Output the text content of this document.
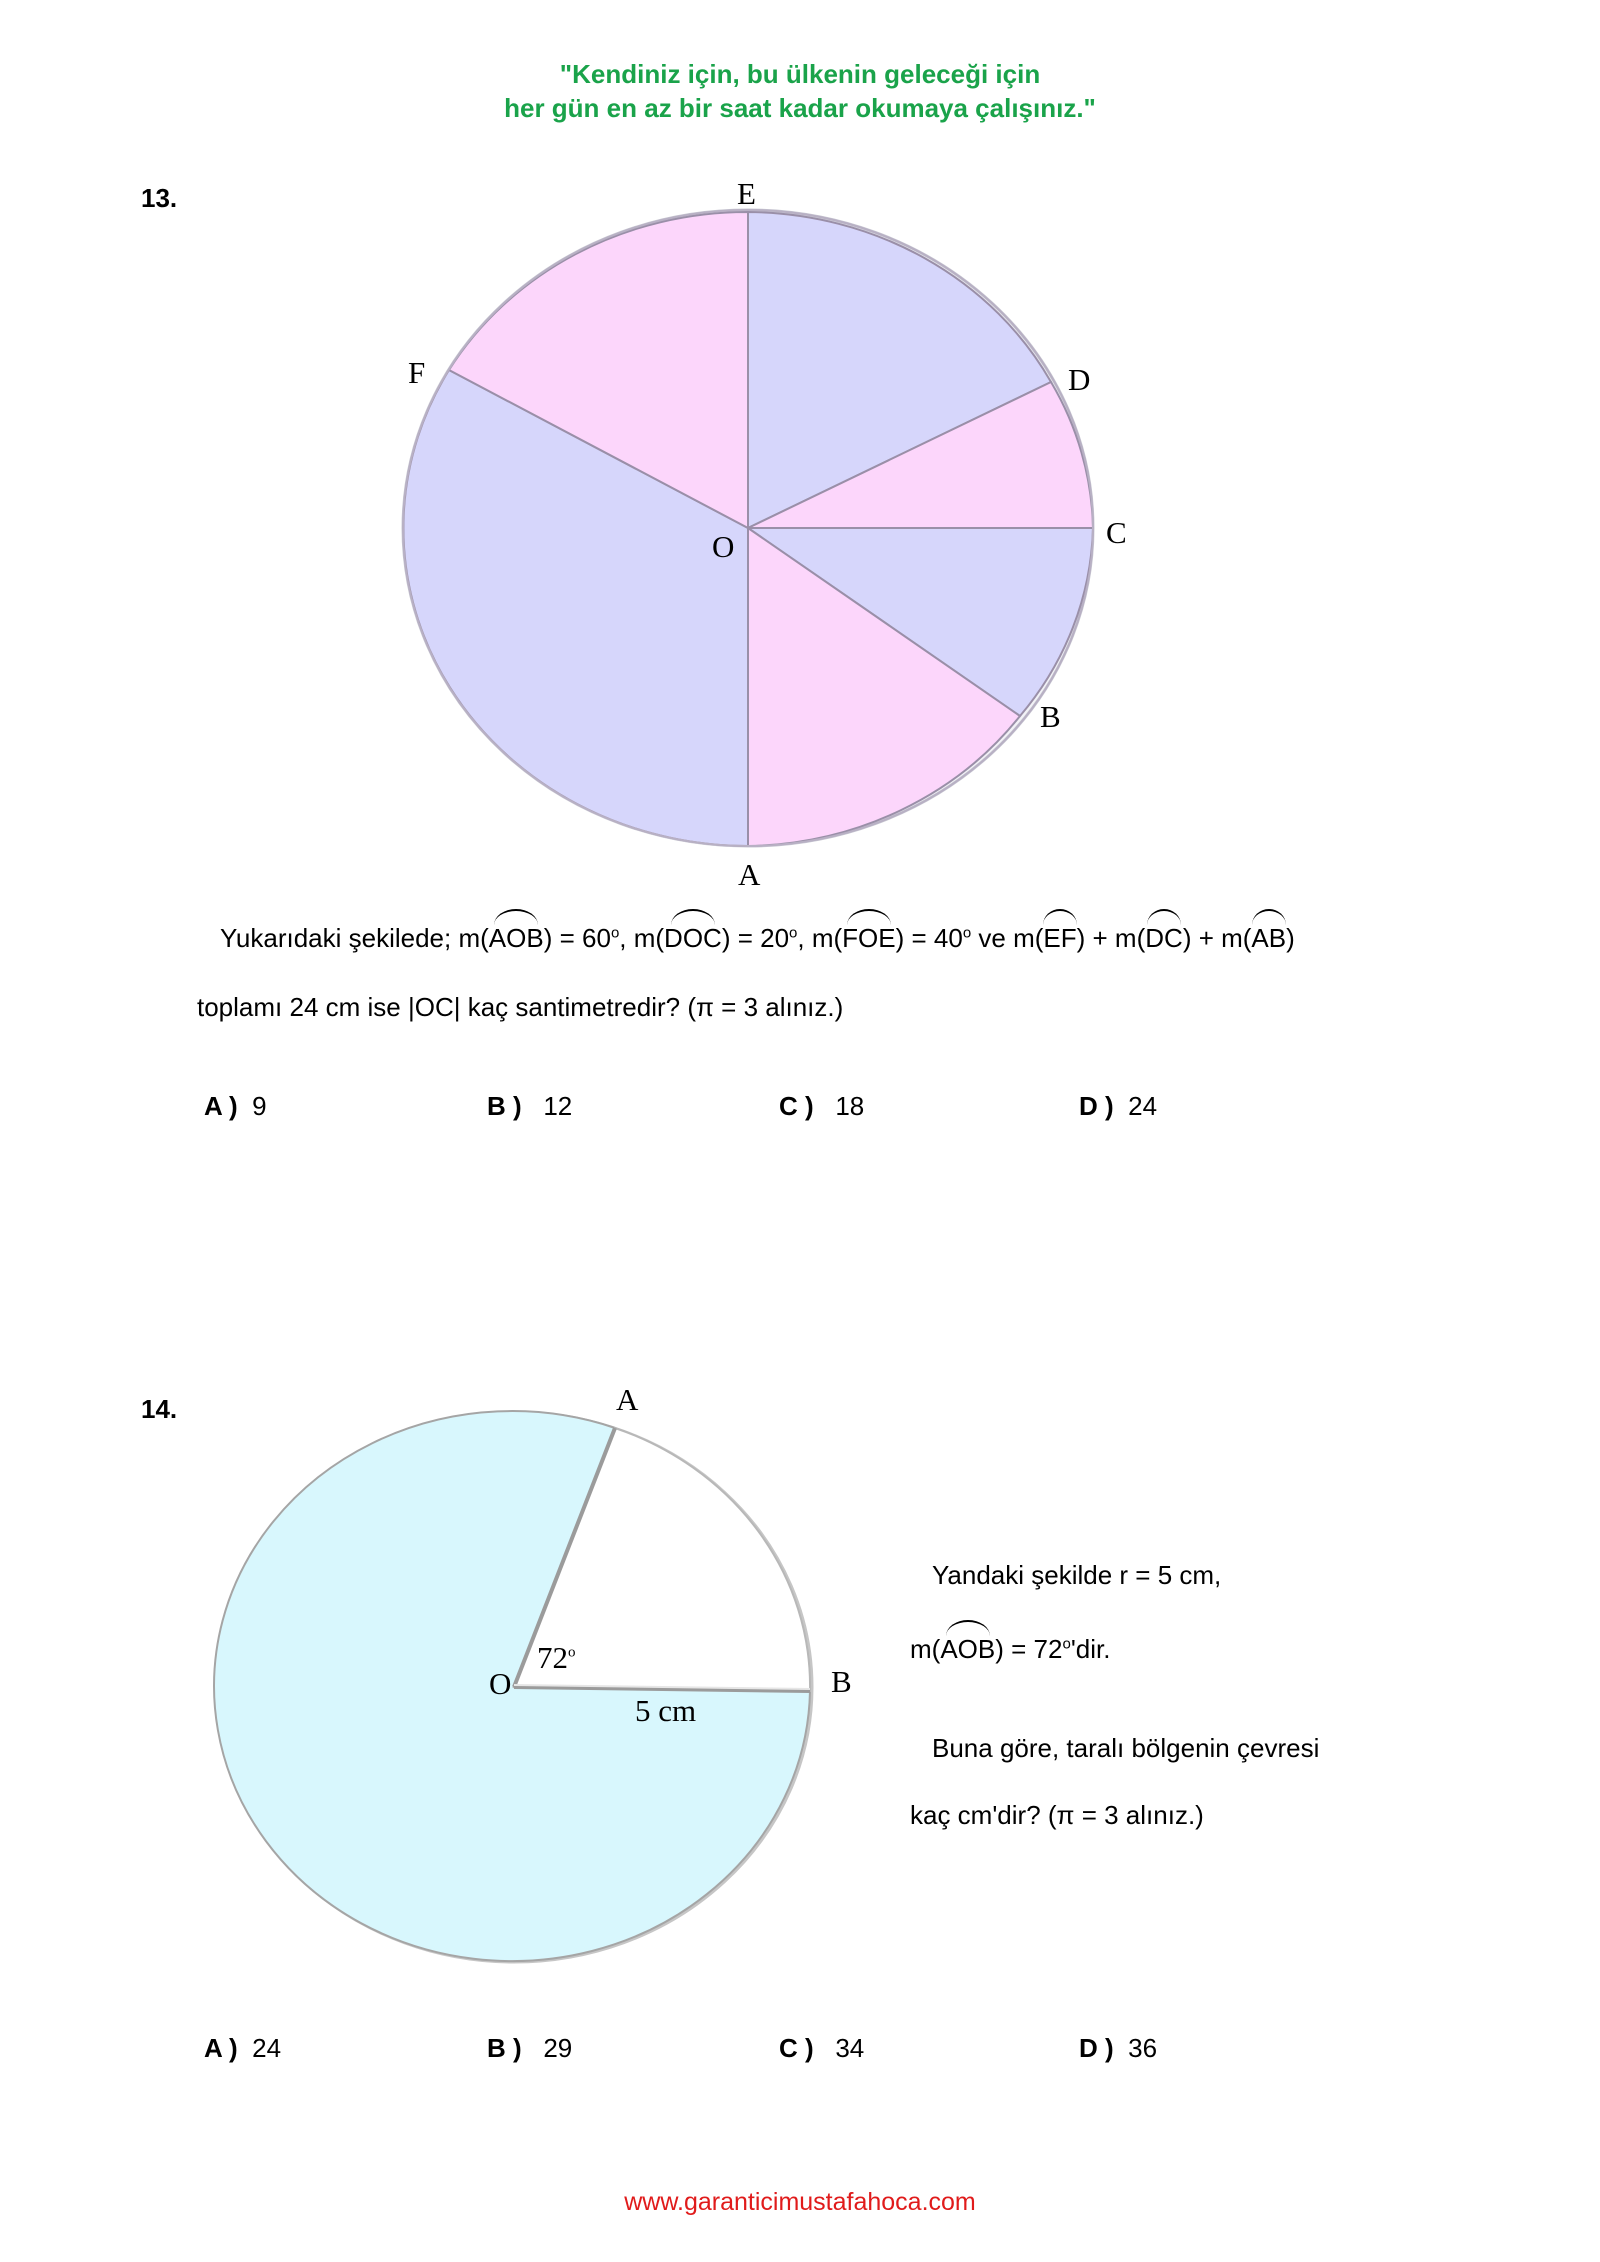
"Kendiniz için, bu ülkenin geleceği için
her gün en az bir saat kadar okumaya çalışınız."
13.	E
D
C
B
A
F
O
Yukarıdaki şekilede; $m(AOB) = 60^o$, $m(DOC) = 20^o$, $m(FOE) = 40^o$ ve m(EF) + m(DC) + m(AB)
toplamı 24 cm ise |OC| kaç santimetredir? (π = 3 alınız.)
A ) 9	B ) 12	C ) 18	D ) 24
14.	A
B
O
72$^o$
5 cm
Yandaki şekilde r = 5 cm,
$m(AOB) = 72^o'dir$.
Buna göre, taralı bölgenin çevresi
kaç cm'dir? (π = 3 alınız.)
A ) 24	B ) 29	C ) 34	D ) 36
www.garanticimustafahoca.com
